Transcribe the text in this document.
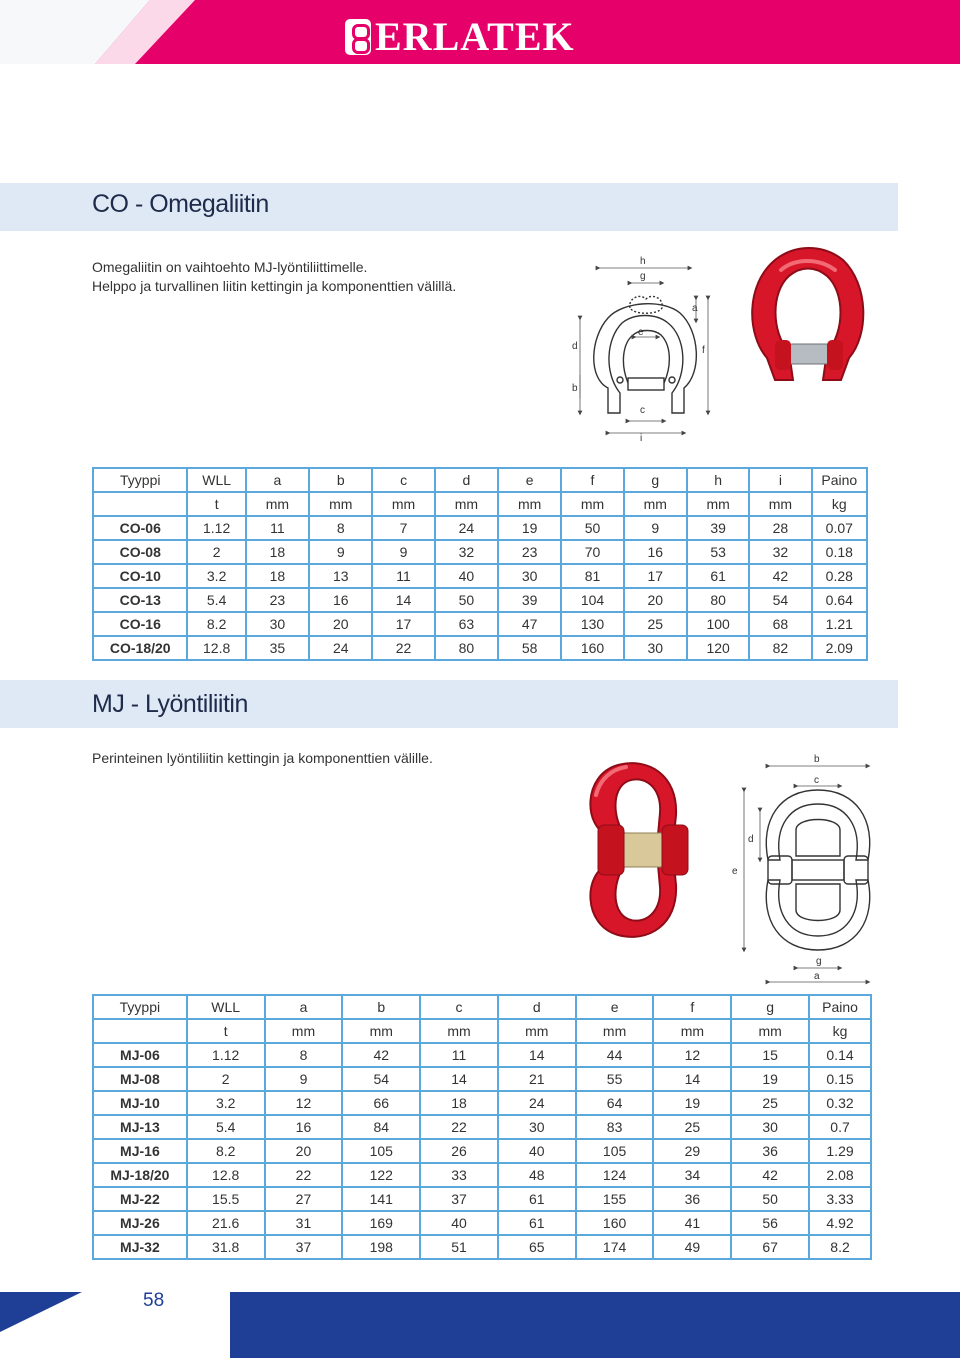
ERLATEK
CO - Omegaliitin
Omegaliitin on vaihtoehto MJ-lyöntiliittimelle.
Helppo ja turvallinen liitin kettingin ja komponenttien välillä.
h
g
a
e
d	f
b
c
i
Tyyppi	WLL	a	b	c	d	e	f	g	h	i	Paino
	t	mm	mm	mm	mm	mm	mm	mm	mm	mm	kg
CO-06	1.12	11	8	7	24	19	50	9	39	28	0.07
CO-08	2	18	9	9	32	23	70	16	53	32	0.18
CO-10	3.2	18	13	11	40	30	81	17	61	42	0.28
CO-13	5.4	23	16	14	50	39	104	20	80	54	0.64
CO-16	8.2	30	20	17	63	47	130	25	100	68	1.21
CO-18/20	12.8	35	24	22	80	58	160	30	120	82	2.09
MJ - Lyöntiliitin
Perinteinen lyöntiliitin kettingin ja komponenttien välille.	b
c
d
e
g
a
Tyyppi	WLL	a	b	c	d	e	f	g	Paino
	t	mm	mm	mm	mm	mm	mm	mm	kg
MJ-06	1.12	8	42	11	14	44	12	15	0.14
MJ-08	2	9	54	14	21	55	14	19	0.15
MJ-10	3.2	12	66	18	24	64	19	25	0.32
MJ-13	5.4	16	84	22	30	83	25	30	0.7
MJ-16	8.2	20	105	26	40	105	29	36	1.29
MJ-18/20	12.8	22	122	33	48	124	34	42	2.08
MJ-22	15.5	27	141	37	61	155	36	50	3.33
MJ-26	21.6	31	169	40	61	160	41	56	4.92
MJ-32	31.8	37	198	51	65	174	49	67	8.2
58
